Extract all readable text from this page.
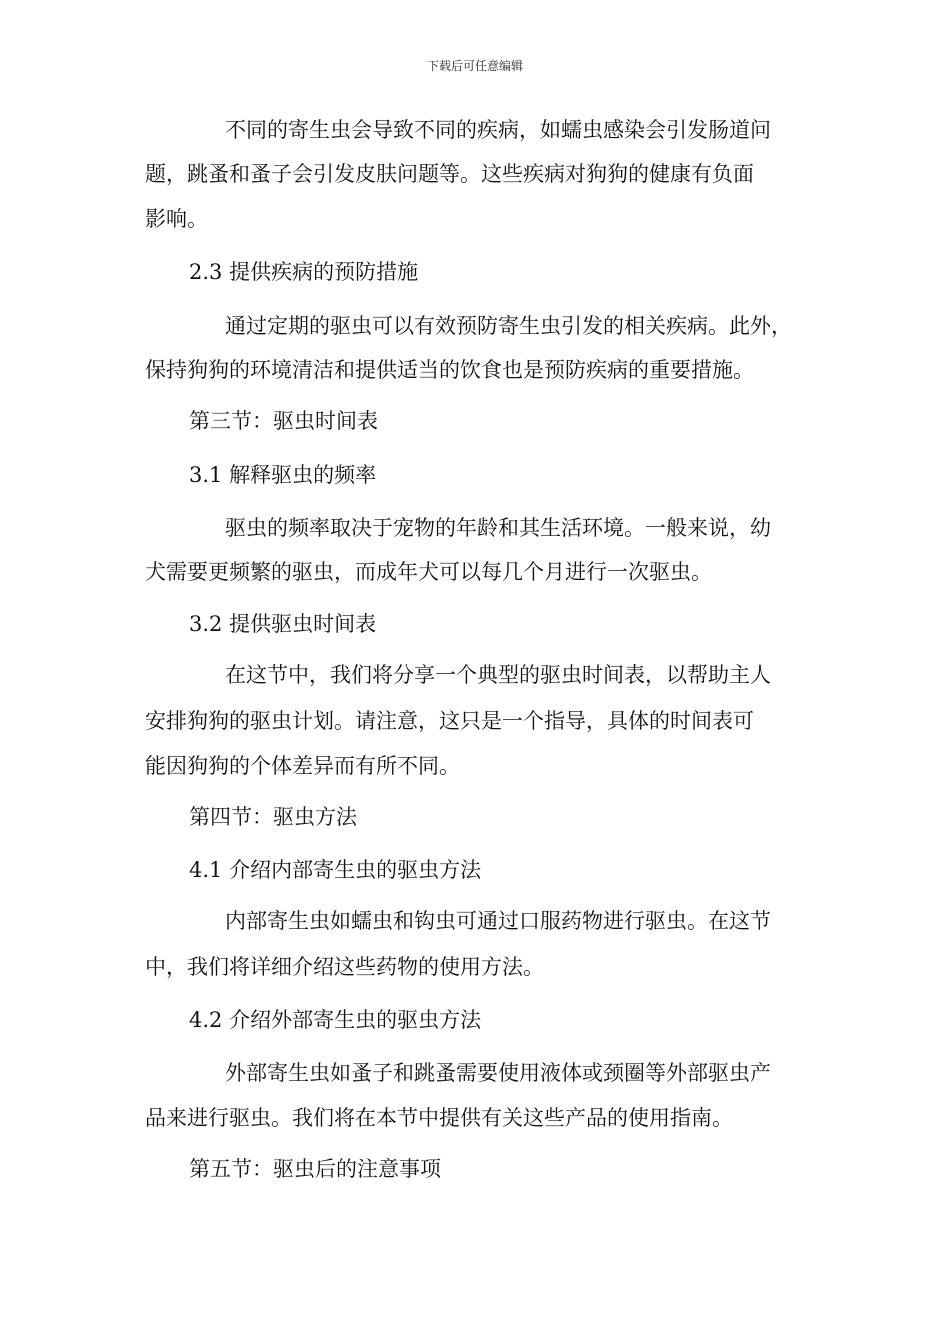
下载后可任意编辑
不同的寄生虫会导致不同的疾病，如蠕虫感染会引发肠道问
题，跳蚤和蚤子会引发皮肤问题等。这些疾病对狗狗的健康有负面
影响。
2.3 提供疾病的预防措施
通过定期的驱虫可以有效预防寄生虫引发的相关疾病。此外，
保持狗狗的环境清洁和提供适当的饮食也是预防疾病的重要措施。
第三节：驱虫时间表
3.1 解释驱虫的频率
驱虫的频率取决于宠物的年龄和其生活环境。一般来说，幼
犬需要更频繁的驱虫，而成年犬可以每几个月进行一次驱虫。
3.2 提供驱虫时间表
在这节中，我们将分享一个典型的驱虫时间表，以帮助主人
安排狗狗的驱虫计划。请注意，这只是一个指导，具体的时间表可
能因狗狗的个体差异而有所不同。
第四节：驱虫方法
4.1 介绍内部寄生虫的驱虫方法
内部寄生虫如蠕虫和钩虫可通过口服药物进行驱虫。在这节
中，我们将详细介绍这些药物的使用方法。
4.2 介绍外部寄生虫的驱虫方法
外部寄生虫如蚤子和跳蚤需要使用液体或颈圈等外部驱虫产
品来进行驱虫。我们将在本节中提供有关这些产品的使用指南。
第五节：驱虫后的注意事项
